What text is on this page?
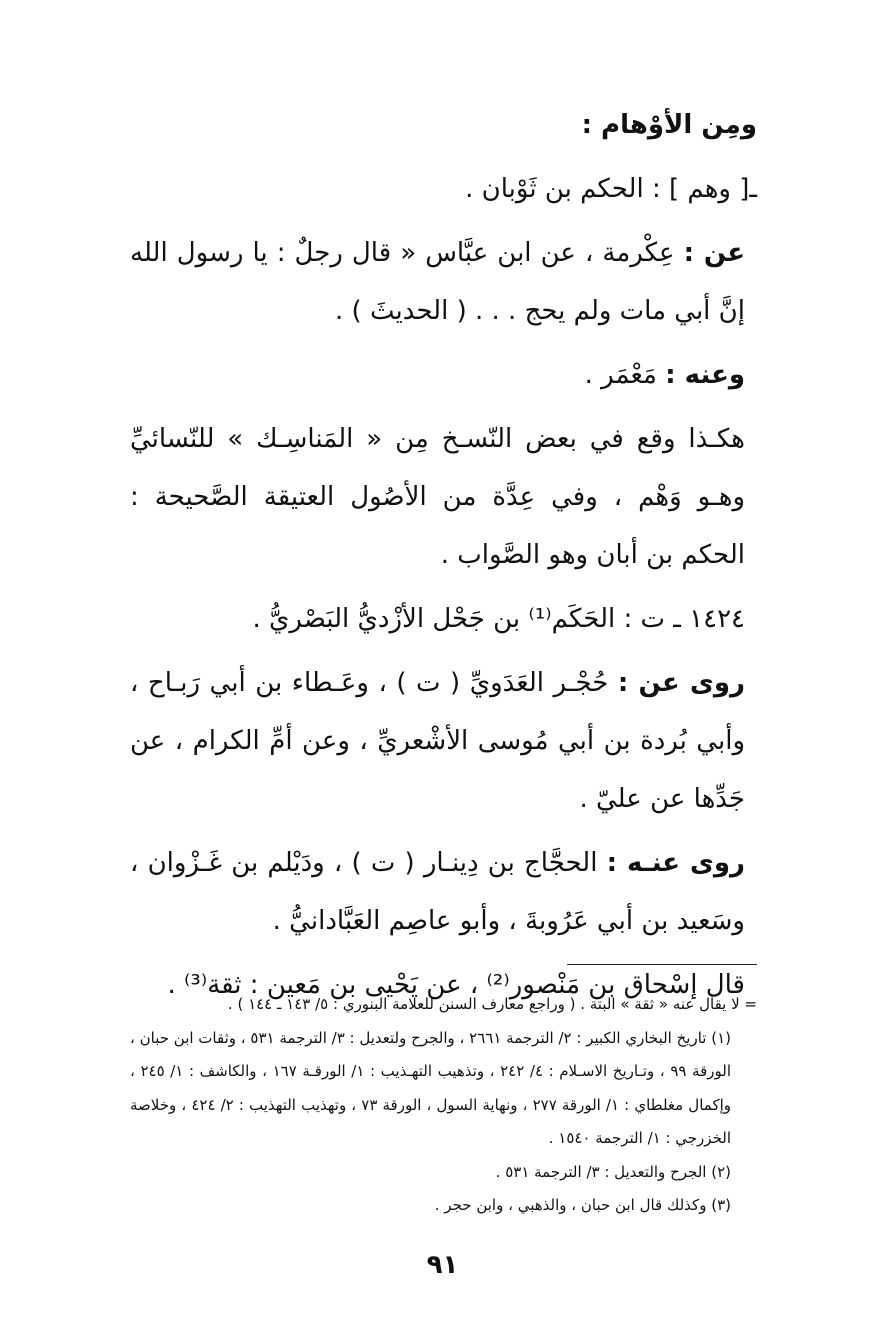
ومِن الأوْهام :

ـ[ وهم ] : الحكم بن ثَوْبان .

عن : عِكْرمة ، عن ابن عبَّاس « قال رجلٌ : يا رسول الله إنَّ أبي مات ولم يحج . . . ( الحديثَ ) .

وعنه : مَعْمَر .

هكـذا وقع في بعض النّسـخ مِن « المَناسِـك » للنّسائيِّ وهـو وَهْم ، وفي عِدَّة من الأصُول العتيقة الصَّحيحة : الحكم بن أبان وهو الصَّواب .

١٤٢٤ ـ ت : الحَكَم⁽¹⁾ بن جَحْل الأزْديُّ البَصْريُّ .

روى عن : حُجْـر العَدَويِّ ( ت ) ، وعَـطاء بن أبي رَبـاح ، وأبي بُردة بن أبي مُوسى الأشْعريِّ ، وعن أمِّ الكرام ، عن جَدِّها عن عليّ .

روى عنـه : الحجَّاج بن دِينـار ( ت ) ، ودَيْلم بن غَـزْوان ، وسَعيد بن أبي عَرُوبةَ ، وأبو عاصِم العَبَّادانيُّ .

قال إسْحاق بن مَنْصور⁽²⁾ ، عن يَحْيى بن مَعين : ثقة⁽³⁾ .

= لا يقال عنه « ثقة » البتة . ( وراجع معارف السنن للعلامة البنوري : ٥/ ١٤٣ ـ ١٤٤ ) .

(١) تاريخ البخاري الكبير : ٢/ الترجمة ٢٦٦١ ، والجرح ولتعديل : ٣/ الترجمة ٥٣١ ، وثقات ابن حبان ، الورقة ٩٩ ، وتـاريخ الاسـلام : ٤/ ٢٤٢ ، وتذهيب التهـذيب : ١/ الورقـة ١٦٧ ، والكاشف : ١/ ٢٤٥ ، وإكمال مغلطاي : ١/ الورقة ٢٧٧ ، ونهاية السول ، الورقة ٧٣ ، وتهذيب التهذيب : ٢/ ٤٢٤ ، وخلاصة الخزرجي : ١/ الترجمة ١٥٤٠ .

(٢) الجرح والتعديل : ٣/ الترجمة ٥٣١ .

(٣) وكذلك قال ابن حبان ، والذهبي ، وابن حجر .

٩١
